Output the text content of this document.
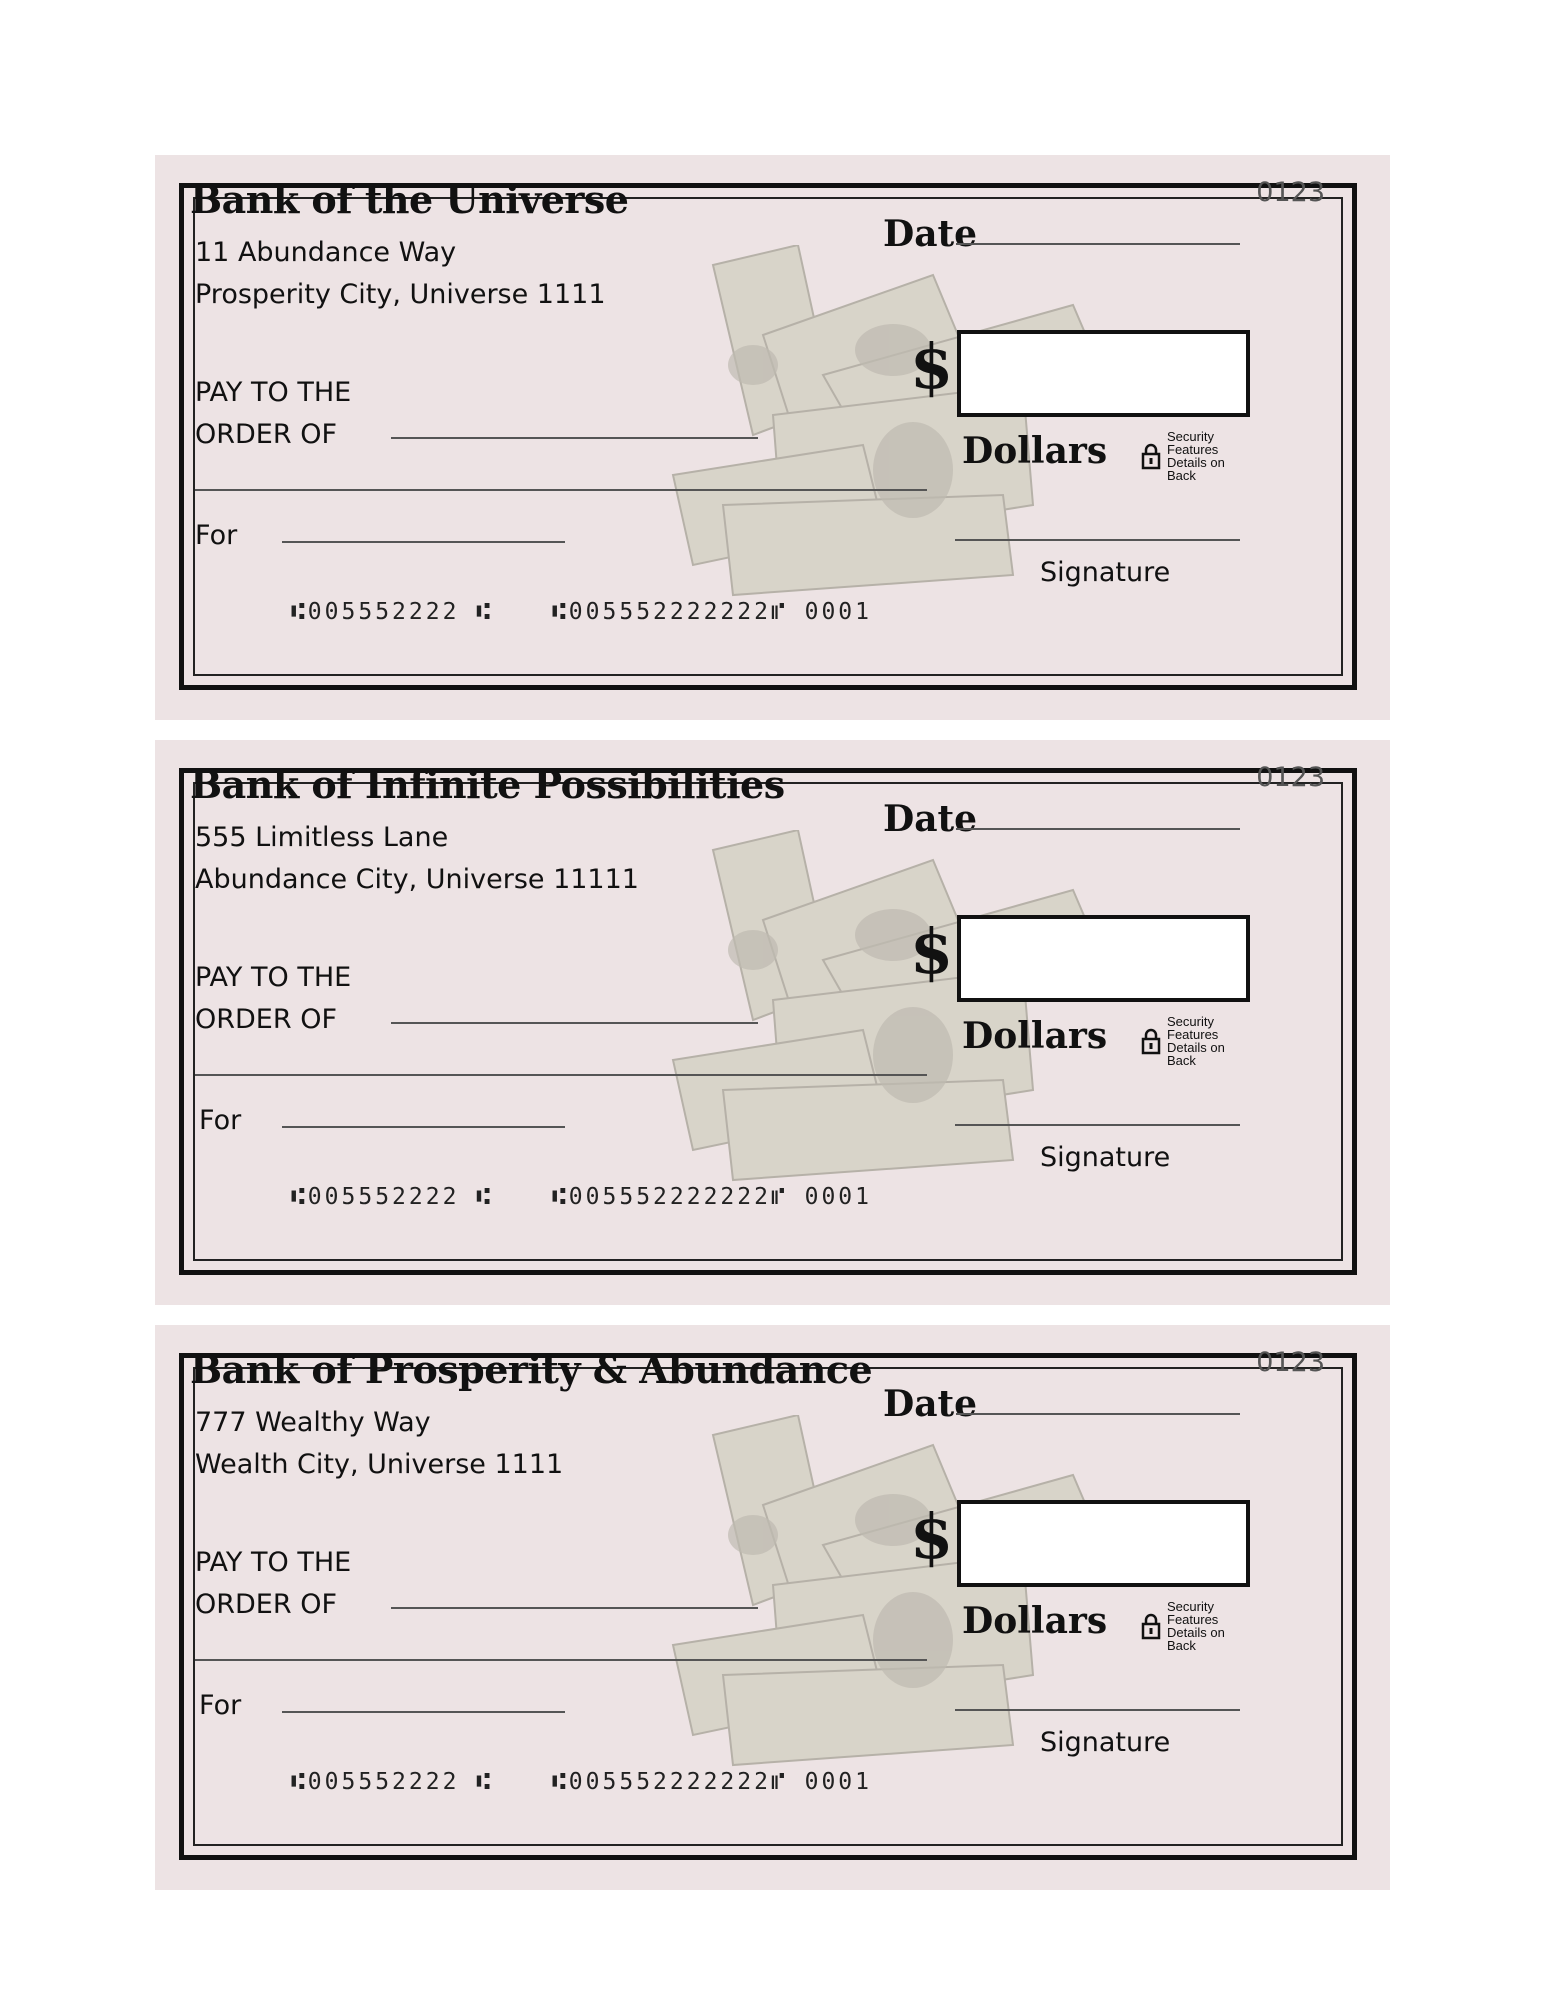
Bank of the Universe
11 Abundance Way
Prosperity City, Universe 1111
0123
Date
$
Dollars	Security
Features
Details on
Back
PAY TO THE
ORDER OF
For
Signature
⑆005552222 ⑆	⑆005552222222⑈ 0001
Bank of Infinite Possibilities
555 Limitless Lane
Abundance City, Universe 11111
0123
Date
$
Dollars	Security
Features
Details on
Back
PAY TO THE
ORDER OF
For
Signature
⑆005552222 ⑆	⑆005552222222⑈ 0001
Bank of Prosperity & Abundance
777 Wealthy Way
Wealth City, Universe 1111
0123
Date
$
Dollars	Security
Features
Details on
Back
PAY TO THE
ORDER OF
For
Signature
⑆005552222 ⑆	⑆005552222222⑈ 0001
